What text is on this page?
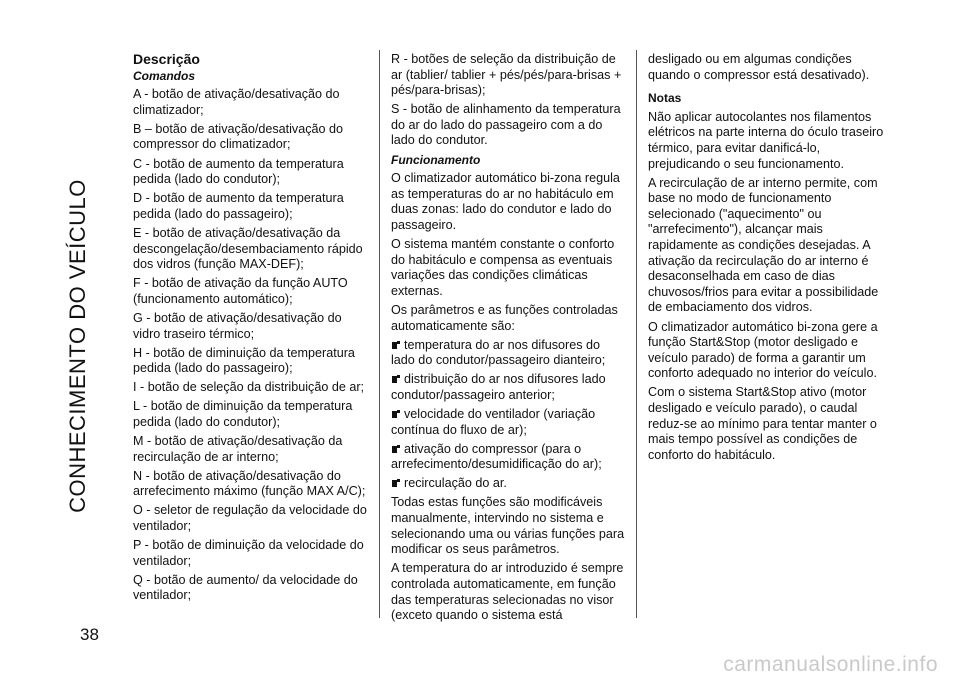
CONHECIMENTO DO VEÍCULO
38
Descrição
Comandos

A - botão de ativação/desativação do climatizador;

B – botão de ativação/desativação do compressor do climatizador;

C - botão de aumento da temperatura pedida (lado do condutor);

D - botão de aumento da temperatura pedida (lado do passageiro);

E - botão de ativação/desativação da descongelação/desembaciamento rápido dos vidros (função MAX-DEF);

F - botão de ativação da função AUTO (funcionamento automático);

G - botão de ativação/desativação do vidro traseiro térmico;

H - botão de diminuição da temperatura pedida (lado do passageiro);

I - botão de seleção da distribuição de ar;

L - botão de diminuição da temperatura pedida (lado do condutor);

M - botão de ativação/desativação da recirculação de ar interno;

N - botão de ativação/desativação do arrefecimento máximo (função MAX A/C);

O - seletor de regulação da velocidade do ventilador;

P - botão de diminuição da velocidade do ventilador;

Q - botão de aumento/ da velocidade do ventilador;

R - botões de seleção da distribuição de ar (tablier/ tablier + pés/pés/para-brisas + pés/para-brisas);

S - botão de alinhamento da temperatura do ar do lado do passageiro com a do lado do condutor.

Funcionamento

O climatizador automático bi-zona regula as temperaturas do ar no habitáculo em duas zonas: lado do condutor e lado do passageiro.

O sistema mantém constante o conforto do habitáculo e compensa as eventuais variações das condições climáticas externas.

Os parâmetros e as funções controladas automaticamente são:

temperatura do ar nos difusores do lado do condutor/passageiro dianteiro;

distribuição do ar nos difusores lado condutor/passageiro anterior;

velocidade do ventilador (variação contínua do fluxo de ar);

ativação do compressor (para o arrefecimento/desumidificação do ar);

recirculação do ar.

Todas estas funções são modificáveis manualmente, intervindo no sistema e selecionando uma ou várias funções para modificar os seus parâmetros.

A temperatura do ar introduzido é sempre controlada automaticamente, em função das temperaturas selecionadas no visor (exceto quando o sistema está

desligado ou em algumas condições quando o compressor está desativado).

Notas

Não aplicar autocolantes nos filamentos elétricos na parte interna do óculo traseiro térmico, para evitar danificá-lo, prejudicando o seu funcionamento.

A recirculação de ar interno permite, com base no modo de funcionamento selecionado ("aquecimento" ou "arrefecimento"), alcançar mais rapidamente as condições desejadas. A ativação da recirculação do ar interno é desaconselhada em caso de dias chuvosos/frios para evitar a possibilidade de embaciamento dos vidros.

O climatizador automático bi-zona gere a função Start&Stop (motor desligado e veículo parado) de forma a garantir um conforto adequado no interior do veículo.

Com o sistema Start&Stop ativo (motor desligado e veículo parado), o caudal reduz-se ao mínimo para tentar manter o mais tempo possível as condições de conforto do habitáculo.

carmanualsonline.info
